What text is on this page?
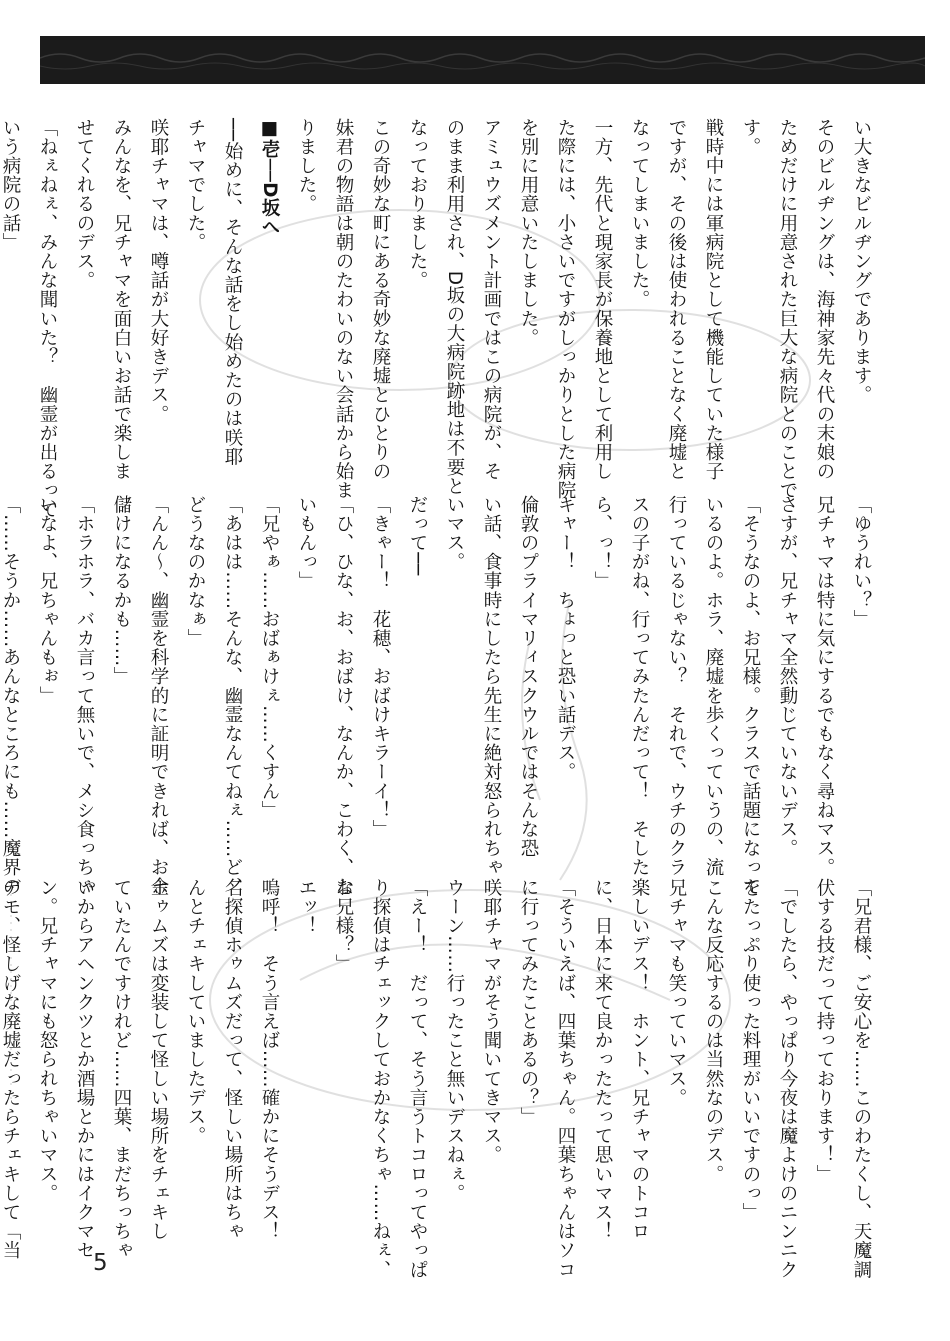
い大きなビルヂングであります。
そのビルヂングは、海神家先々代の末娘の
ためだけに用意された巨大な病院とのことで
す。
戦時中には軍病院として機能していた様子
ですが、その後は使われることなく廃墟と
なってしまいました。
一方、先代と現家長が保養地として利用し
た際には、小さいですがしっかりとした病院
を別に用意いたしました。
アミュウズメント計画ではこの病院が、そ
のまま利用され、D坂の大病院跡地は不要と
なっておりました。
この奇妙な町にある奇妙な廃墟とひとりの
妹君の物語は朝のたわいのない会話から始ま
りました。
■壱──D坂へ
──始めに、そんな話をし始めたのは咲耶
チャマでした。
咲耶チャマは、噂話が大好きデス。
みんなを、兄チャマを面白いお話で楽しま
せてくれるのデス。
「ねぇねぇ、みんな聞いた？　幽霊が出るって
いう病院の話」
「ゆうれい？」
兄チャマは特に気にするでもなく尋ねマス。
さすが、兄チャマ全然動じていないデス。
「そうなのよ、お兄様。クラスで話題になって
いるのよ。ホラ、廃墟を歩くっていうの、流
行っているじゃない？　それで、ウチのクラ
スの子がね、行ってみたんだって！　そした
ら、っ！」
キャー！　ちょっと恐い話デス。
倫敦のプライマリィスクウルではそんな恐
い話、食事時にしたら先生に絶対怒られちゃ
いマス。
だって──
「きゃー！　花穂、おばけキラーイ！」
「ひ、ひな、お、おばけ、なんか、こわく、な
いもんっ」
「兄やぁ……おばぁけぇ……くすん」
「あはは……そんな、幽霊なんてねぇ……ど、
どうなのかなぁ」
「んん〜、幽霊を科学的に証明できれば、お金
儲けになるかも……」
「ホラホラ、バカ言って無いで、メシ食っちゃ
いなよ、兄ちゃんもぉ」
「……そうか……あんなところにも……魔界の
「兄君様、ご安心を……このわたくし、天魔調
伏する技だって持っております！」
「でしたら、やっぱり今夜は魔よけのニンニク
をたっぷり使った料理がいいですのっ」
こんな反応するのは当然なのデス。
兄チャマも笑っていマス。
楽しいデス！　ホント、兄チャマのトコロ
に、日本に来て良かったたって思いマス！
「そういえば、四葉ちゃん。四葉ちゃんはソコ
に行ってみたことあるの？」
咲耶チャマがそう聞いてきマス。
ウーン……行ったこと無いデスねぇ。
「えー！　だって、そう言うトコロってやっぱ
り探偵はチェックしておかなくちゃ……ねぇ、
お兄様？」
エッ！
嗚呼！　そう言えば……確かにそうデス！
名探偵ホゥムズだって、怪しい場所はちゃ
んとチェキしていましたデス。
ホゥムズは変装して怪しい場所をチェキし
ていたんですけれど……四葉、まだちっちゃ
いからアヘンクツとか酒場とかにはイクマセ
ン。兄チャマにも怒られちゃいマス。
デモ、怪しげな廃墟だったらチェキして「当
5
